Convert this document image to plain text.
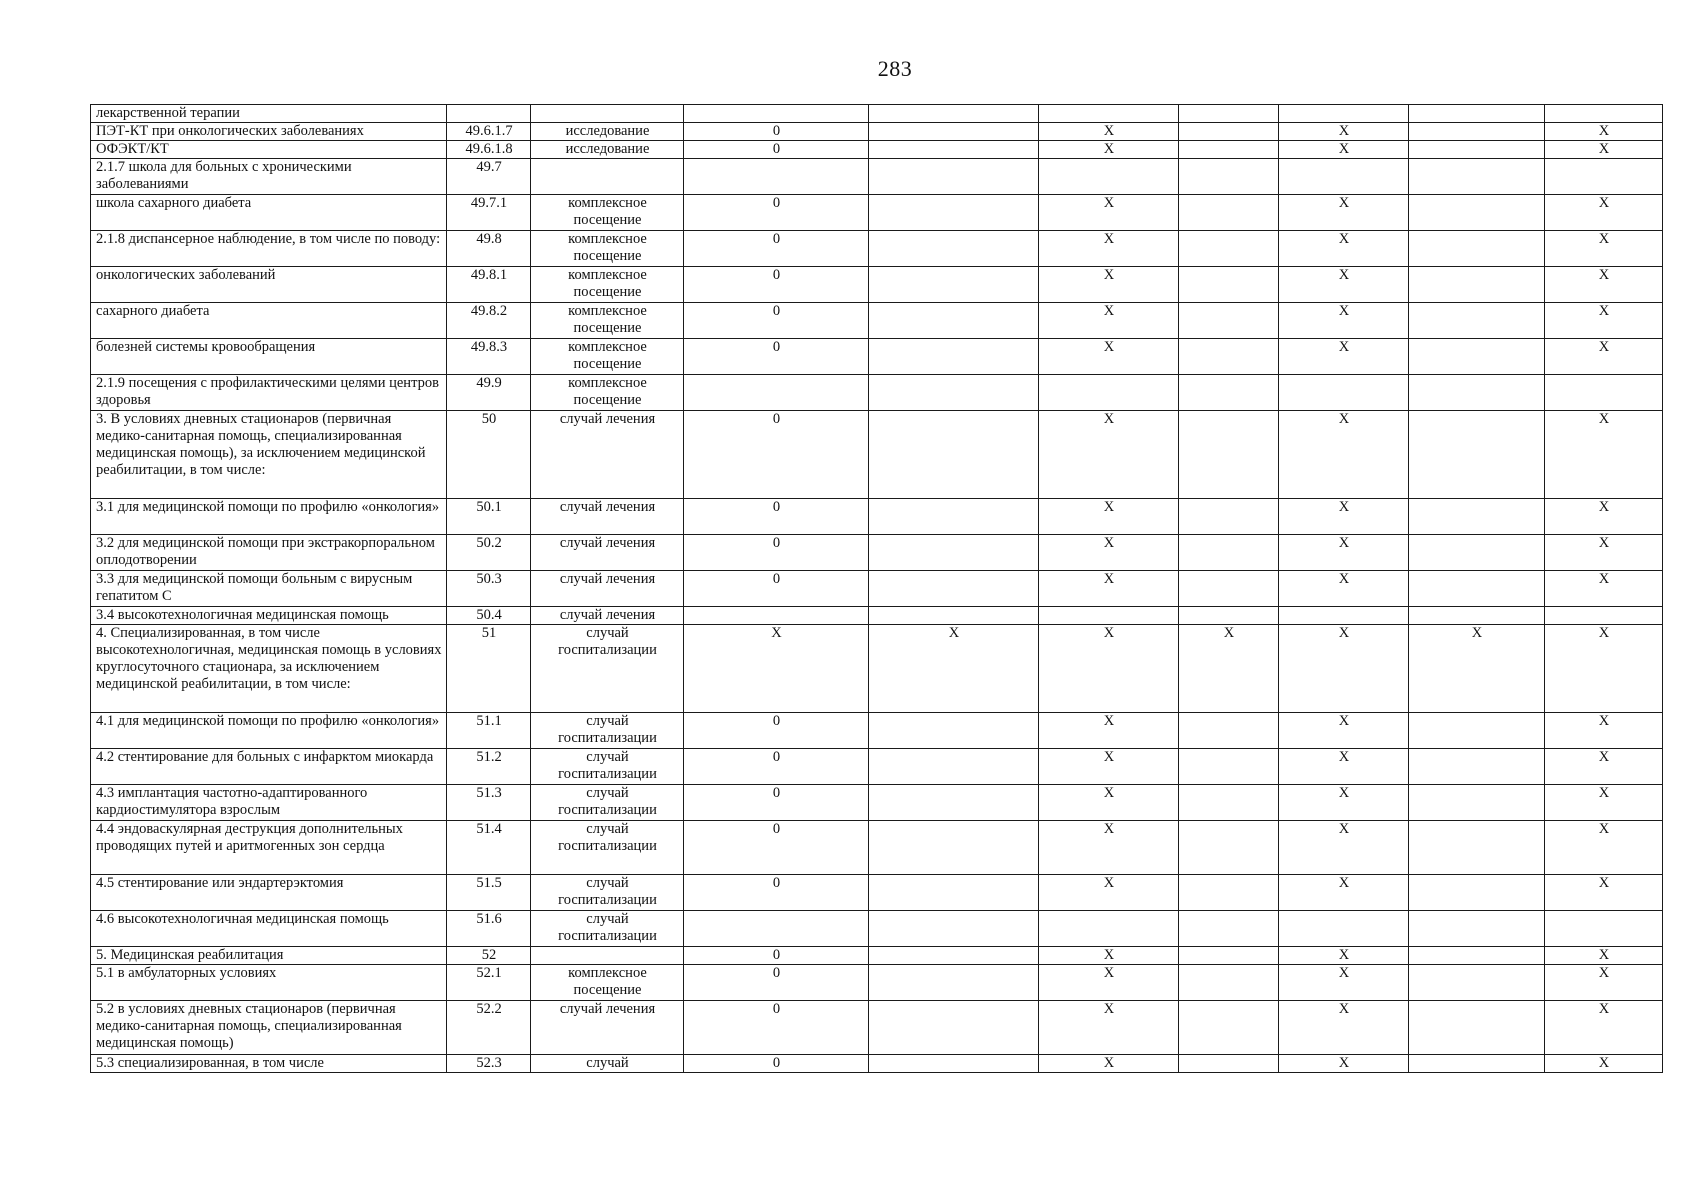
283
лекарственной терапии									
ПЭТ-КТ при онкологических заболеваниях	49.6.1.7	исследование	0		X		X		X
ОФЭКТ/КТ	49.6.1.8	исследование	0		X		X		X
2.1.7 школа для больных с хроническими заболеваниями	49.7								
школа сахарного диабета	49.7.1	комплексное посещение	0		X		X		X
2.1.8 диспансерное наблюдение, в том числе по поводу:	49.8	комплексное посещение	0		X		X		X
онкологических заболеваний	49.8.1	комплексное посещение	0		X		X		X
сахарного диабета	49.8.2	комплексное посещение	0		X		X		X
болезней системы кровообращения	49.8.3	комплексное посещение	0		X		X		X
2.1.9 посещения с профилактическими целями центров здоровья	49.9	комплексное посещение							
3. В условиях дневных стационаров (первичная медико-санитарная помощь, специализированная медицинская помощь), за исключением медицинской реабилитации, в том числе:	50	случай лечения	0		X		X		X
3.1 для медицинской помощи по профилю «онкология»	50.1	случай лечения	0		X		X		X
3.2 для медицинской помощи при экстракорпоральном оплодотворении	50.2	случай лечения	0		X		X		X
3.3 для медицинской помощи больным с вирусным гепатитом С	50.3	случай лечения	0		X		X		X
3.4 высокотехнологичная медицинская помощь	50.4	случай лечения							
4. Специализированная, в том числе высокотехнологичная, медицинская помощь в условиях круглосуточного стационара, за исключением медицинской реабилитации, в том числе:	51	случай госпитализации	X	X	X	X	X	X	X
4.1 для медицинской помощи по профилю «онкология»	51.1	случай госпитализации	0		X		X		X
4.2 стентирование для больных с инфарктом миокарда	51.2	случай госпитализации	0		X		X		X
4.3 имплантация частотно-адаптированного кардиостимулятора взрослым	51.3	случай госпитализации	0		X		X		X
4.4 эндоваскулярная деструкция дополнительных проводящих путей и аритмогенных зон сердца	51.4	случай госпитализации	0		X		X		X
4.5 стентирование или эндартерэктомия	51.5	случай госпитализации	0		X		X		X
4.6 высокотехнологичная медицинская помощь	51.6	случай госпитализации							
5. Медицинская реабилитация	52		0		X		X		X
5.1 в амбулаторных условиях	52.1	комплексное посещение	0		X		X		X
5.2 в условиях дневных стационаров (первичная медико-санитарная помощь, специализированная медицинская помощь)	52.2	случай лечения	0		X		X		X
5.3 специализированная, в том числе	52.3	случай	0		X		X		X
